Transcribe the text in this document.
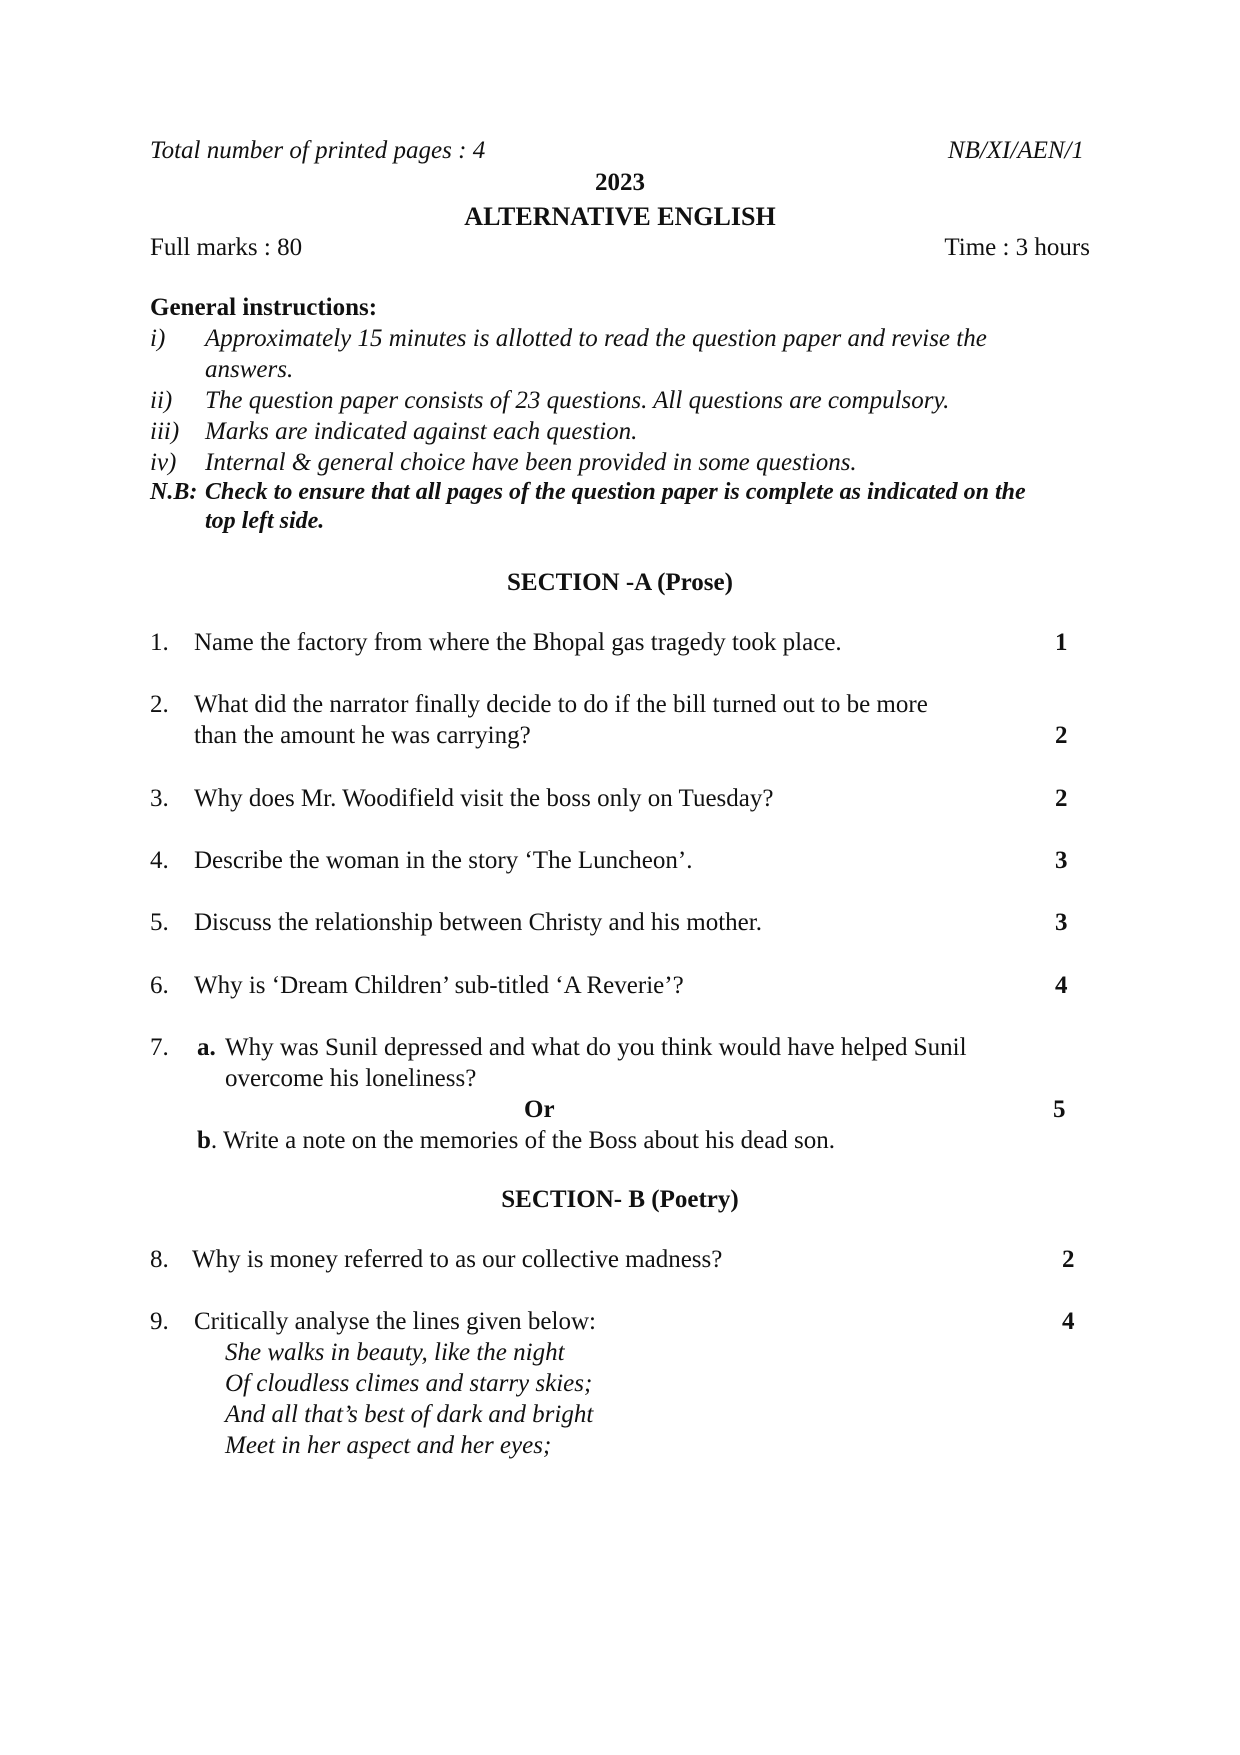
Total number of printed pages : 4	NB/XI/AEN/1
2023
ALTERNATIVE ENGLISH
Full marks : 80	Time : 3 hours
General instructions:
i) Approximately 15 minutes is allotted to read the question paper and revise the
answers.
ii) The question paper consists of 23 questions. All questions are compulsory.
iii) Marks are indicated against each question.
iv) Internal & general choice have been provided in some questions.
N.B: Check to ensure that all pages of the question paper is complete as indicated on the
top left side.
SECTION -A (Prose)
1. Name the factory from where the Bhopal gas tragedy took place.	1
2. What did the narrator finally decide to do if the bill turned out to be more
than the amount he was carrying?	2
3. Why does Mr. Woodifield visit the boss only on Tuesday?	2
4. Describe the woman in the story ‘The Luncheon’.	3
5. Discuss the relationship between Christy and his mother.	3
6. Why is ‘Dream Children’ sub-titled ‘A Reverie’?	4
7. a. Why was Sunil depressed and what do you think would have helped Sunil
overcome his loneliness?
Or	5
b. Write a note on the memories of the Boss about his dead son.
SECTION- B (Poetry)
8. Why is money referred to as our collective madness?	2
9. Critically analyse the lines given below:	4
She walks in beauty, like the night
Of cloudless climes and starry skies;
And all that’s best of dark and bright
Meet in her aspect and her eyes;
